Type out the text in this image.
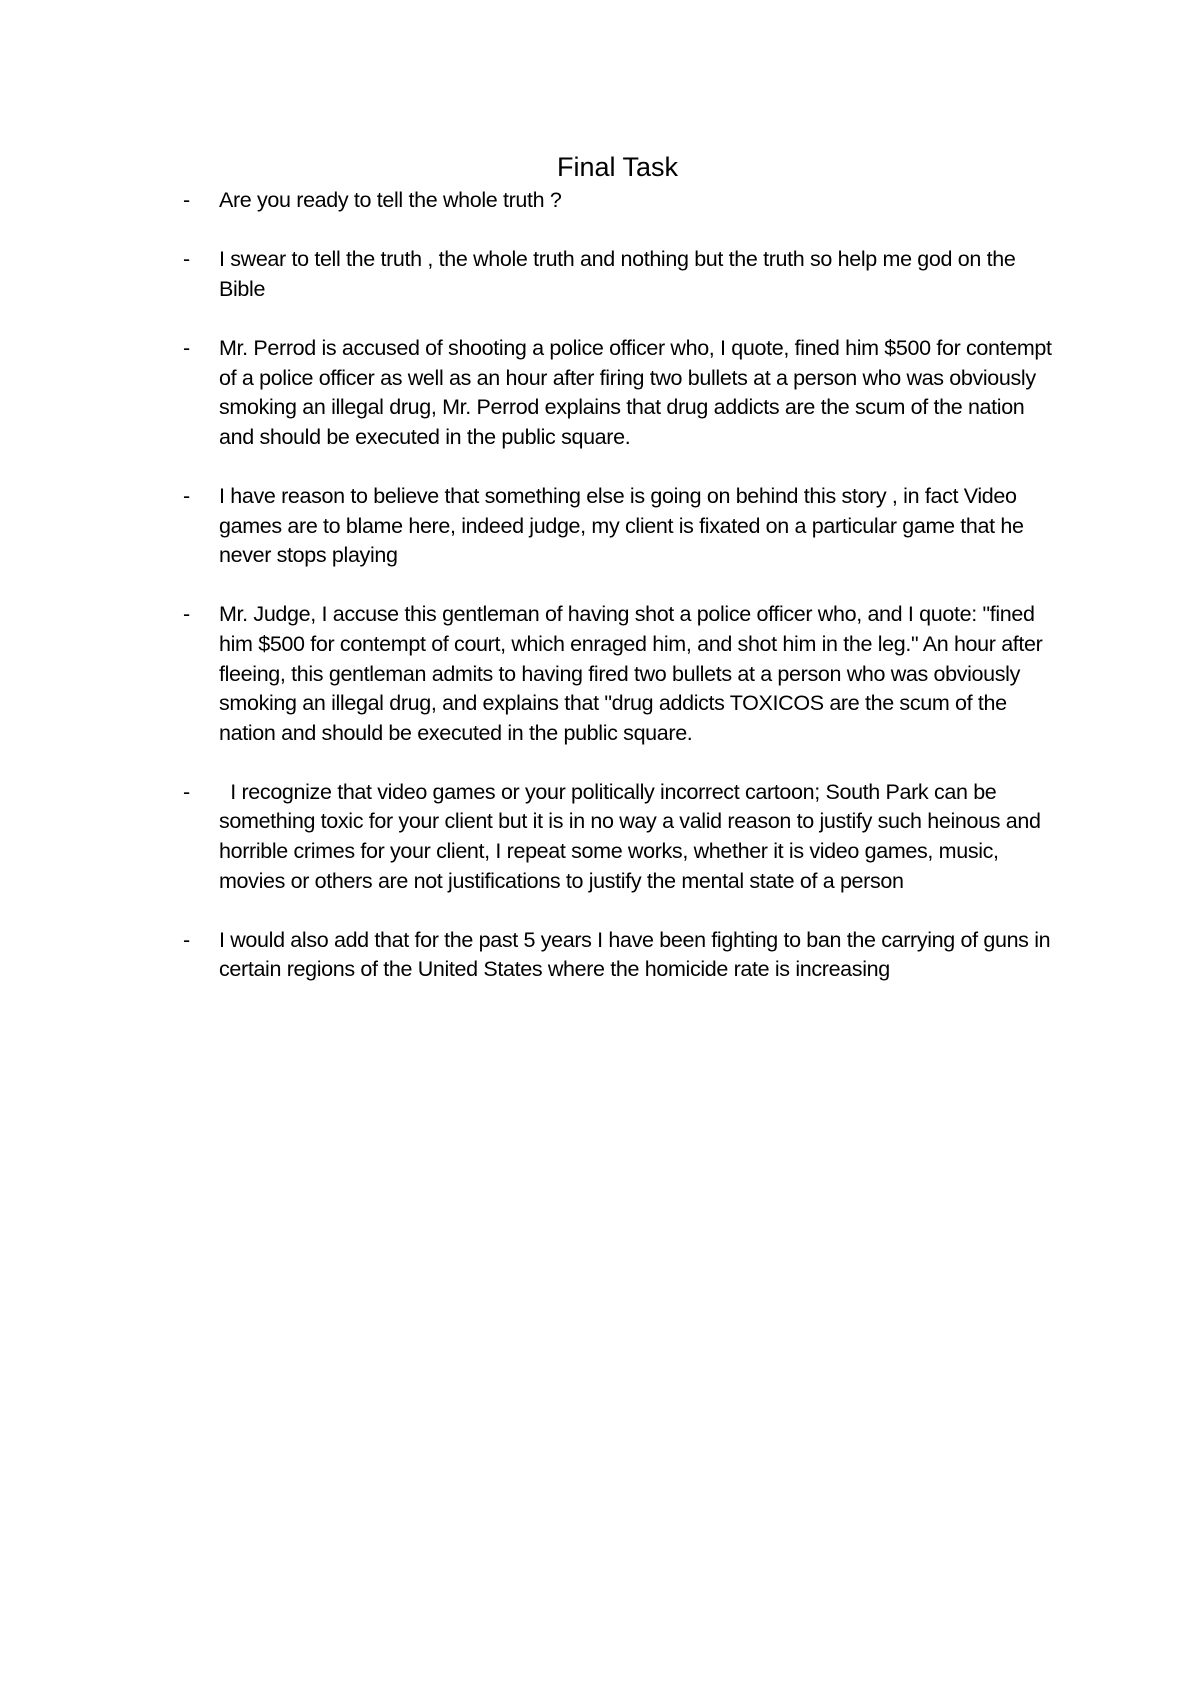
Final Task
- Are you ready to tell the whole truth ?
- I swear to tell the truth , the whole truth and nothing but the truth so help me god on the Bible
- Mr. Perrod is accused of shooting a police officer who, I quote, fined him $500 for contempt of a police officer as well as an hour after firing two bullets at a person who was obviously smoking an illegal drug, Mr. Perrod explains that drug addicts are the scum of the nation and should be executed in the public square.
- I have reason to believe that something else is going on behind this story , in fact Video games are to blame here, indeed judge, my client is fixated on a particular game that he never stops playing
- Mr. Judge, I accuse this gentleman of having shot a police officer who, and I quote: "fined him $500 for contempt of court, which enraged him, and shot him in the leg." An hour after fleeing, this gentleman admits to having fired two bullets at a person who was obviously smoking an illegal drug, and explains that "drug addicts TOXICOS are the scum of the nation and should be executed in the public square.
- I recognize that video games or your politically incorrect cartoon; South Park can be something toxic for your client but it is in no way a valid reason to justify such heinous and horrible crimes for your client, I repeat some works, whether it is video games, music, movies or others are not justifications to justify the mental state of a person
- I would also add that for the past 5 years I have been fighting to ban the carrying of guns in certain regions of the United States where the homicide rate is increasing
